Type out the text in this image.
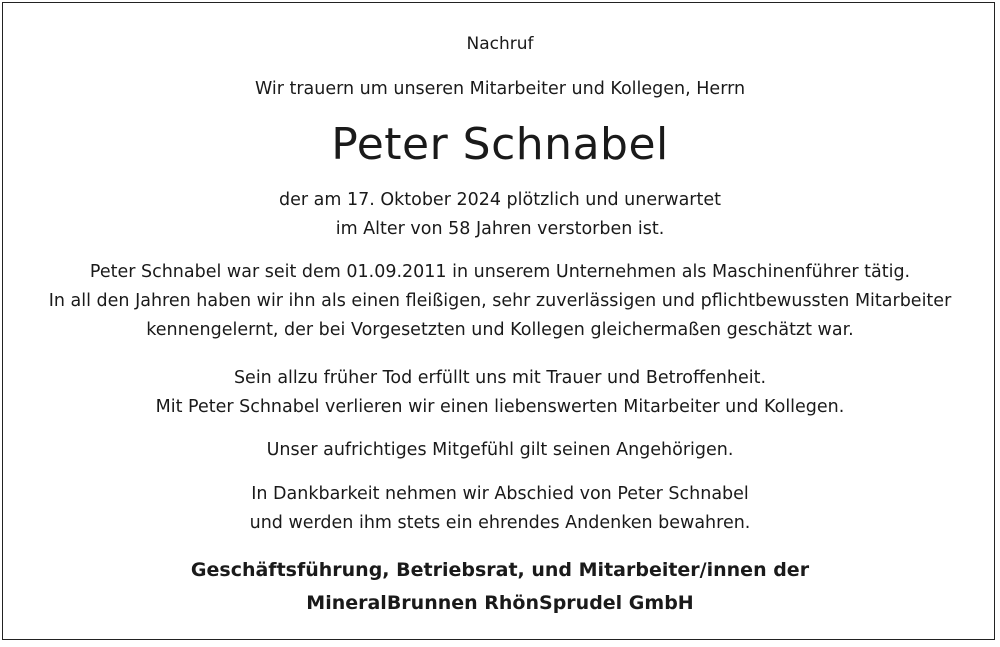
Nachruf
Wir trauern um unseren Mitarbeiter und Kollegen, Herrn
Peter Schnabel
der am 17. Oktober 2024 plötzlich und unerwartet
im Alter von 58 Jahren verstorben ist.
Peter Schnabel war seit dem 01.09.2011 in unserem Unternehmen als Maschinenführer tätig.
In all den Jahren haben wir ihn als einen fleißigen, sehr zuverlässigen und pflichtbewussten Mitarbeiter
kennengelernt, der bei Vorgesetzten und Kollegen gleichermaßen geschätzt war.
Sein allzu früher Tod erfüllt uns mit Trauer und Betroffenheit.
Mit Peter Schnabel verlieren wir einen liebenswerten Mitarbeiter und Kollegen.
Unser aufrichtiges Mitgefühl gilt seinen Angehörigen.
In Dankbarkeit nehmen wir Abschied von Peter Schnabel
und werden ihm stets ein ehrendes Andenken bewahren.
Geschäftsführung, Betriebsrat, und Mitarbeiter/innen der
MineralBrunnen RhönSprudel GmbH
